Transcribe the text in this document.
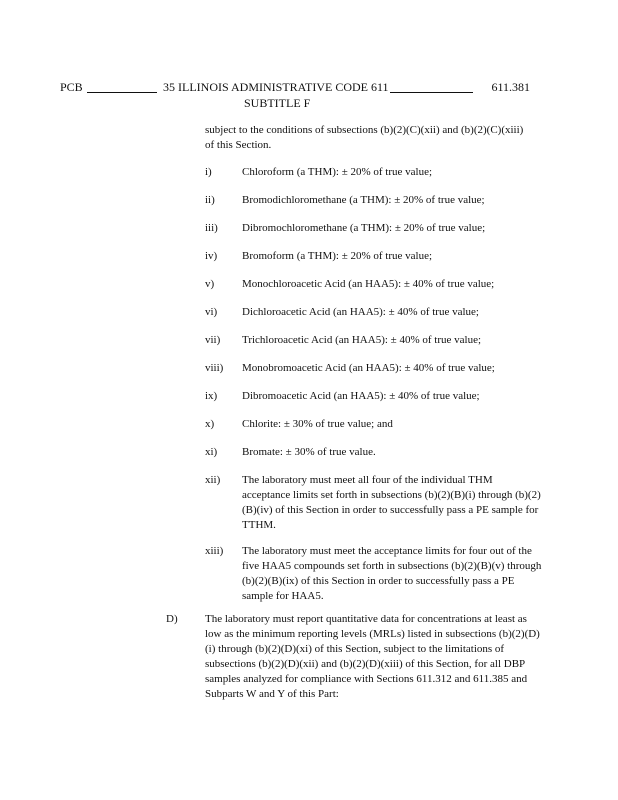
PCB	35 ILLINOIS ADMINISTRATIVE CODE 611	611.381
SUBTITLE F
subject to the conditions of subsections (b)(2)(C)(xii) and (b)(2)(C)(xiii) of this Section.
i)	Chloroform (a THM): ± 20% of true value;
ii) Bromodichloromethane (a THM): ± 20% of true value;
iii) Dibromochloromethane (a THM): ± 20% of true value;
iv) Bromoform (a THM): ± 20% of true value;
v)	Monochloroacetic Acid (an HAA5): ± 40% of true value;
vi) Dichloroacetic Acid (an HAA5): ± 40% of true value;
vii) Trichloroacetic Acid (an HAA5): ± 40% of true value;
viii) Monobromoacetic Acid (an HAA5): ± 40% of true value;
ix) Dibromoacetic Acid (an HAA5): ± 40% of true value;
x)	Chlorite: ± 30% of true value; and
xi) Bromate: ± 30% of true value.
xii) The laboratory must meet all four of the individual THM acceptance limits set forth in subsections (b)(2)(B)(i) through (b)(2)(B)(iv) of this Section in order to successfully pass a PE sample for TTHM.
xiii) The laboratory must meet the acceptance limits for four out of the five HAA5 compounds set forth in subsections (b)(2)(B)(v) through (b)(2)(B)(ix) of this Section in order to successfully pass a PE sample for HAA5.
D) The laboratory must report quantitative data for concentrations at least as low as the minimum reporting levels (MRLs) listed in subsections (b)(2)(D)(i) through (b)(2)(D)(xi) of this Section, subject to the limitations of subsections (b)(2)(D)(xii) and (b)(2)(D)(xiii) of this Section, for all DBP samples analyzed for compliance with Sections 611.312 and 611.385 and Subparts W and Y of this Part:
